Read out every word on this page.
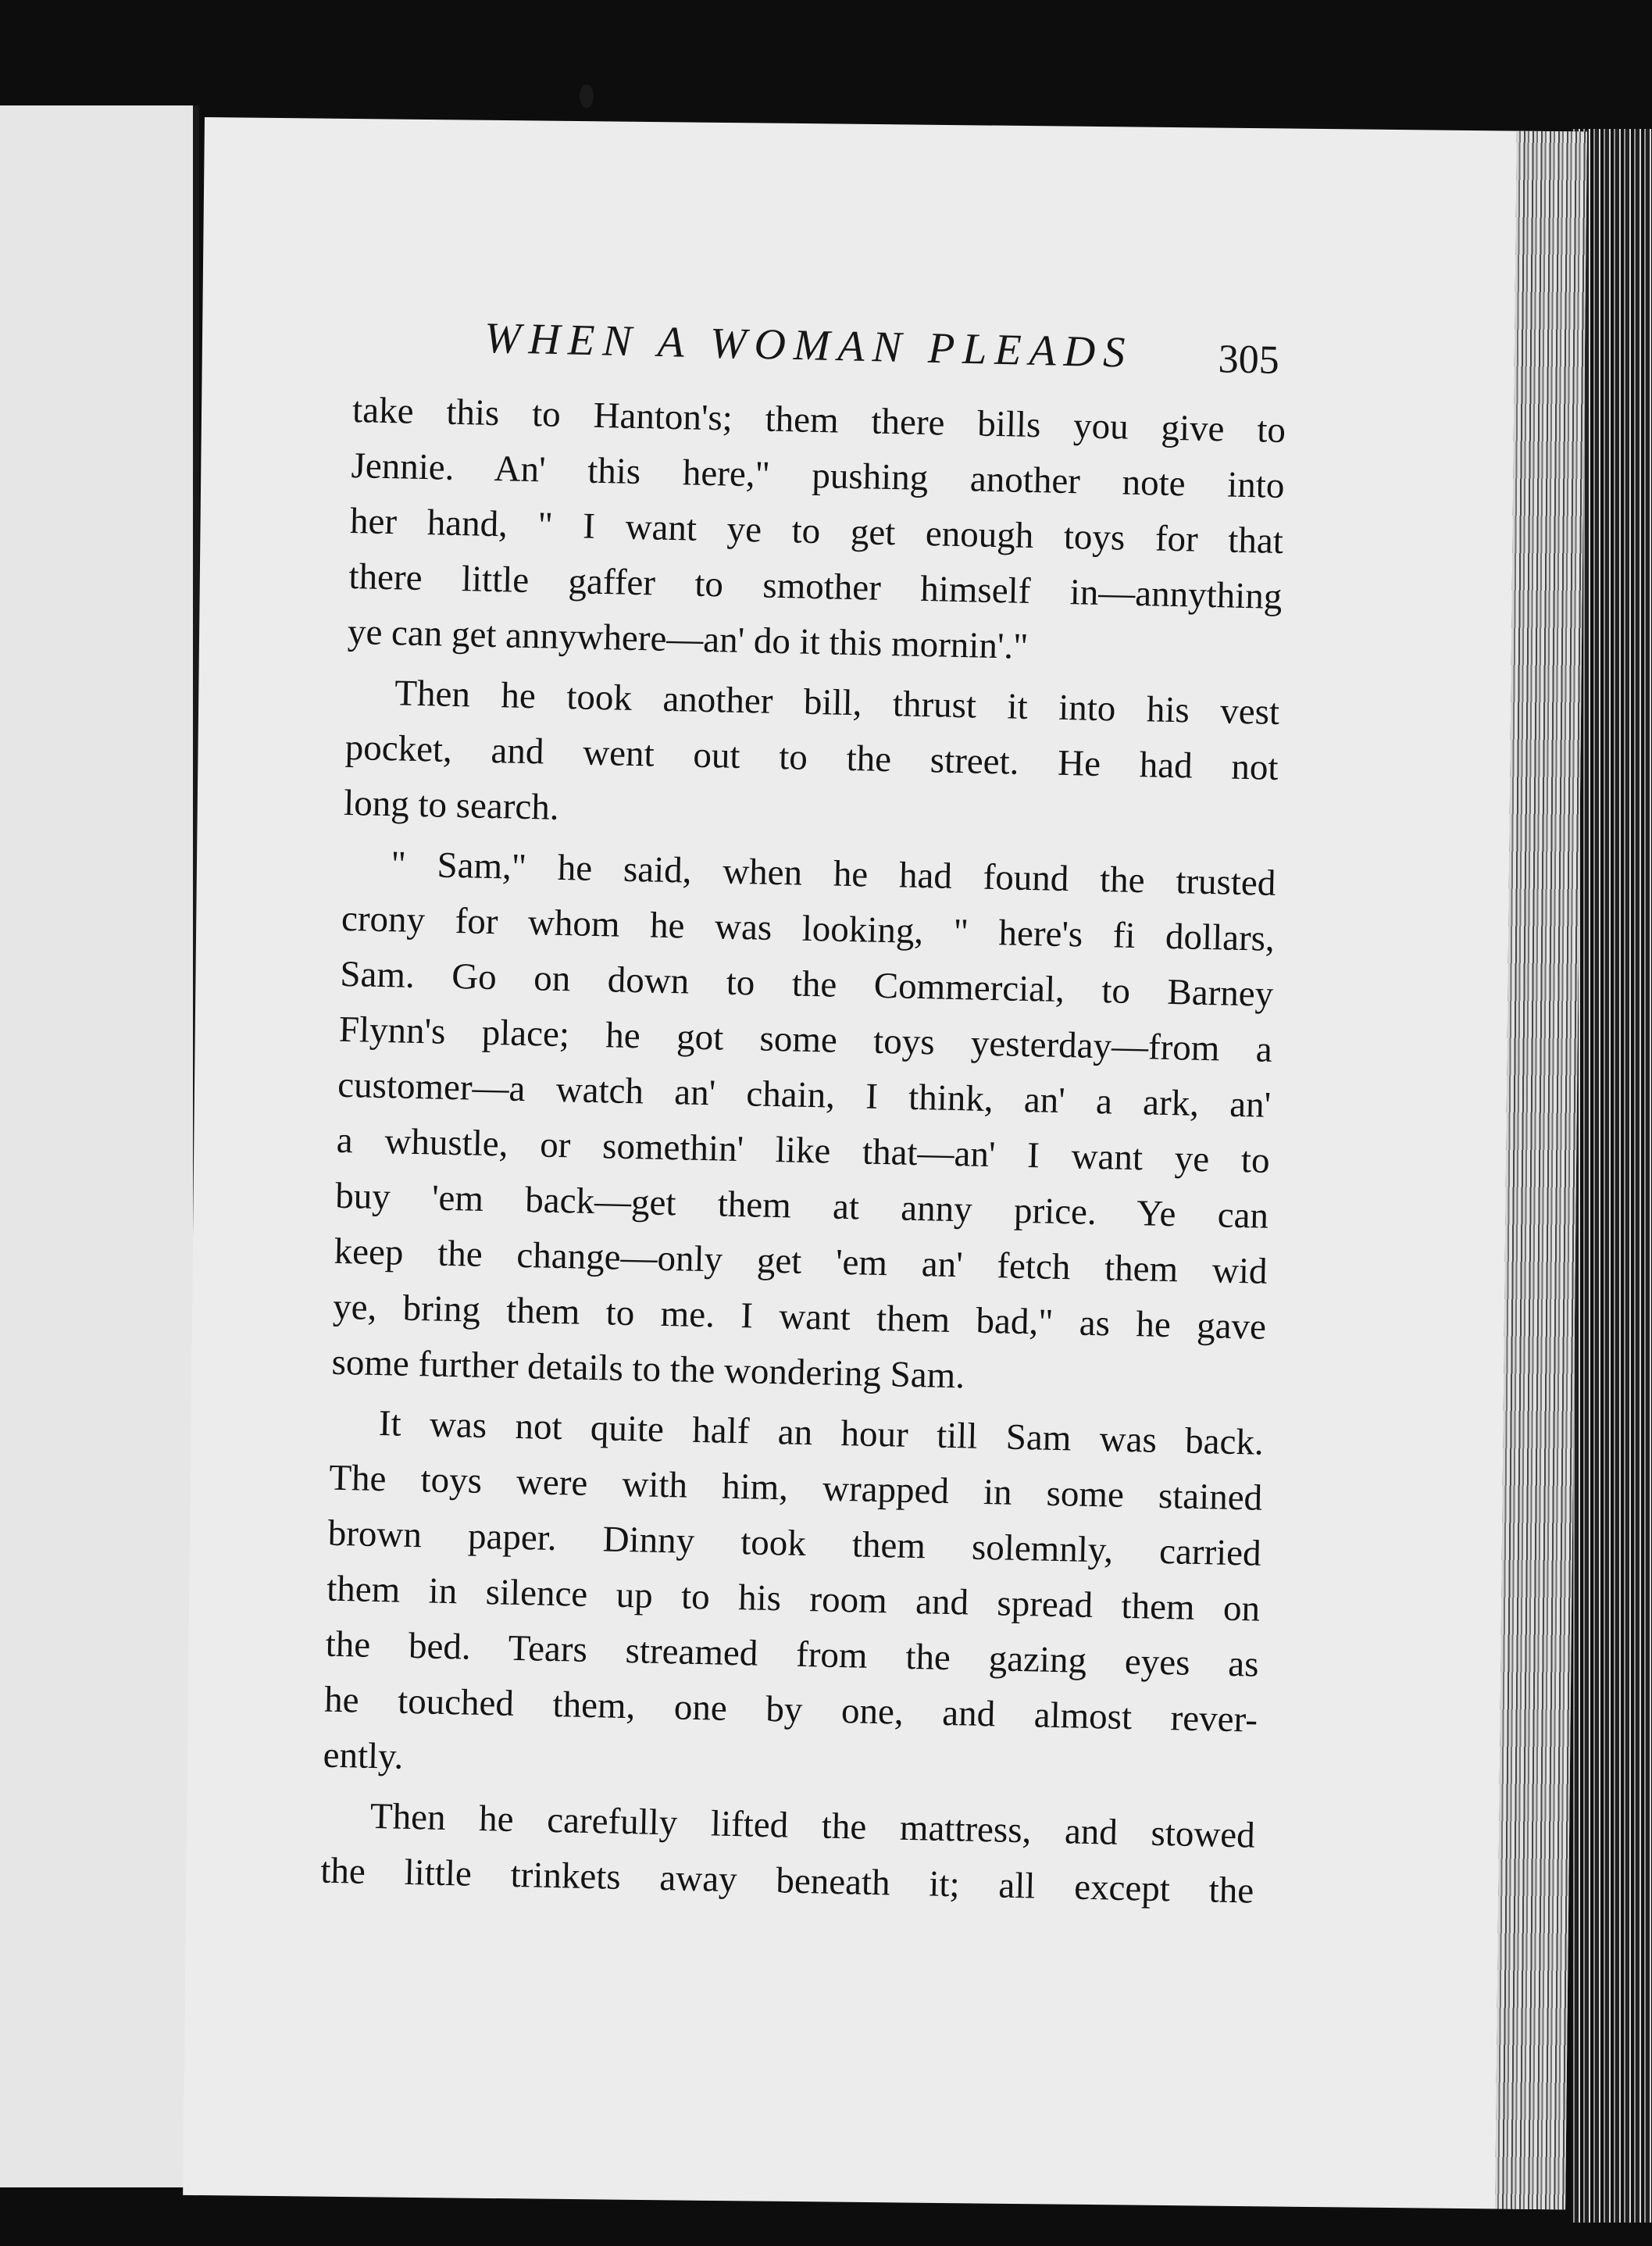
WHEN A WOMAN PLEADS 305
take this to Hanton's; them there bills you give to
Jennie. An' this here," pushing another note into
her hand, " I want ye to get enough toys for that
there little gaffer to smother himself in—annything
ye can get annywhere—an' do it this mornin'."
Then he took another bill, thrust it into his vest
pocket, and went out to the street. He had not
long to search.
" Sam," he said, when he had found the trusted
crony for whom he was looking, " here's fi dollars,
Sam. Go on down to the Commercial, to Barney
Flynn's place; he got some toys yesterday—from a
customer—a watch an' chain, I think, an' a ark, an'
a whustle, or somethin' like that—an' I want ye to
buy 'em back—get them at anny price. Ye can
keep the change—only get 'em an' fetch them wid
ye, bring them to me. I want them bad," as he gave
some further details to the wondering Sam.
It was not quite half an hour till Sam was back.
The toys were with him, wrapped in some stained
brown paper. Dinny took them solemnly, carried
them in silence up to his room and spread them on
the bed. Tears streamed from the gazing eyes as
he touched them, one by one, and almost rever-
ently.
Then he carefully lifted the mattress, and stowed
the little trinkets away beneath it; all except the
